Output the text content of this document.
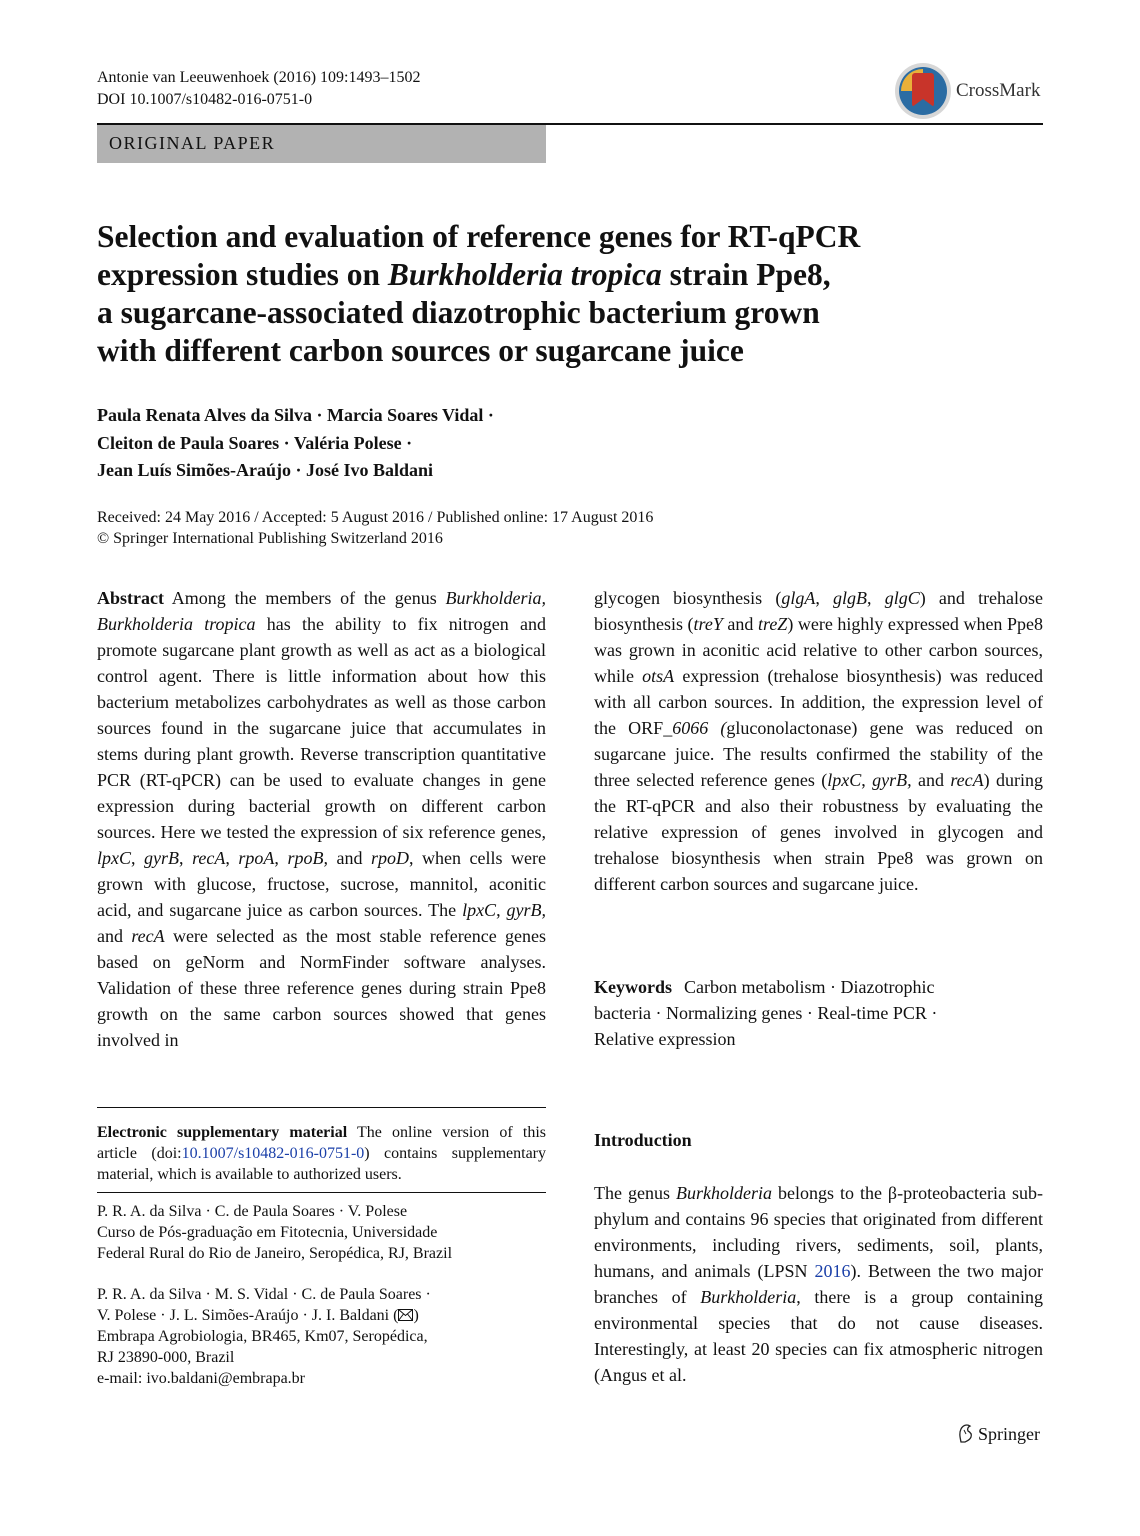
Antonie van Leeuwenhoek (2016) 109:1493–1502
DOI 10.1007/s10482-016-0751-0	CrossMark
ORIGINAL PAPER
Selection and evaluation of reference genes for RT-qPCR
expression studies on Burkholderia tropica strain Ppe8,
a sugarcane-associated diazotrophic bacterium grown
with different carbon sources or sugarcane juice
Paula Renata Alves da Silva · Marcia Soares Vidal ·
Cleiton de Paula Soares · Valéria Polese ·
Jean Luís Simões-Araújo · José Ivo Baldani
Received: 24 May 2016 / Accepted: 5 August 2016 / Published online: 17 August 2016
© Springer International Publishing Switzerland 2016
Abstract Among the members of the genus Burkholderia, Burkholderia tropica has the ability to fix nitrogen and promote sugarcane plant growth as well as act as a biological control agent. There is little information about how this bacterium metabolizes carbohydrates as well as those carbon sources found in the sugarcane juice that accumulates in stems during plant growth. Reverse transcription quantitative PCR (RT-qPCR) can be used to evaluate changes in gene expression during bacterial growth on different carbon sources. Here we tested the expression of six reference genes, lpxC, gyrB, recA, rpoA, rpoB, and rpoD, when cells were grown with glucose, fructose, sucrose, mannitol, aconitic acid, and sugarcane juice as carbon sources. The lpxC, gyrB, and recA were selected as the most stable reference genes based on geNorm and NormFinder software analyses. Validation of these three reference genes during strain Ppe8 growth on the same carbon sources showed that genes involved in
glycogen biosynthesis (glgA, glgB, glgC) and trehalose biosynthesis (treY and treZ) were highly expressed when Ppe8 was grown in aconitic acid relative to other carbon sources, while otsA expression (trehalose biosynthesis) was reduced with all carbon sources. In addition, the expression level of the ORF_6066 (gluconolactonase) gene was reduced on sugarcane juice. The results confirmed the stability of the three selected reference genes (lpxC, gyrB, and recA) during the RT-qPCR and also their robustness by evaluating the relative expression of genes involved in glycogen and trehalose biosynthesis when strain Ppe8 was grown on different carbon sources and sugarcane juice.
Keywords Carbon metabolism · Diazotrophic
bacteria · Normalizing genes · Real-time PCR ·
Relative expression
Electronic supplementary material The online version of this article (doi:10.1007/s10482-016-0751-0) contains supplementary material, which is available to authorized users.
P. R. A. da Silva · C. de Paula Soares · V. Polese
Curso de Pós-graduação em Fitotecnia, Universidade
Federal Rural do Rio de Janeiro, Seropédica, RJ, Brazil
P. R. A. da Silva · M. S. Vidal · C. de Paula Soares ·
V. Polese · J. L. Simões-Araújo · J. I. Baldani ( )
Embrapa Agrobiologia, BR465, Km07, Seropédica,
RJ 23890-000, Brazil
e-mail: ivo.baldani@embrapa.br
Introduction
The genus Burkholderia belongs to the β-proteobacteria sub-phylum and contains 96 species that originated from different environments, including rivers, sediments, soil, plants, humans, and animals (LPSN 2016). Between the two major branches of Burkholderia, there is a group containing environmental species that do not cause diseases. Interestingly, at least 20 species can fix atmospheric nitrogen (Angus et al.
Springer
